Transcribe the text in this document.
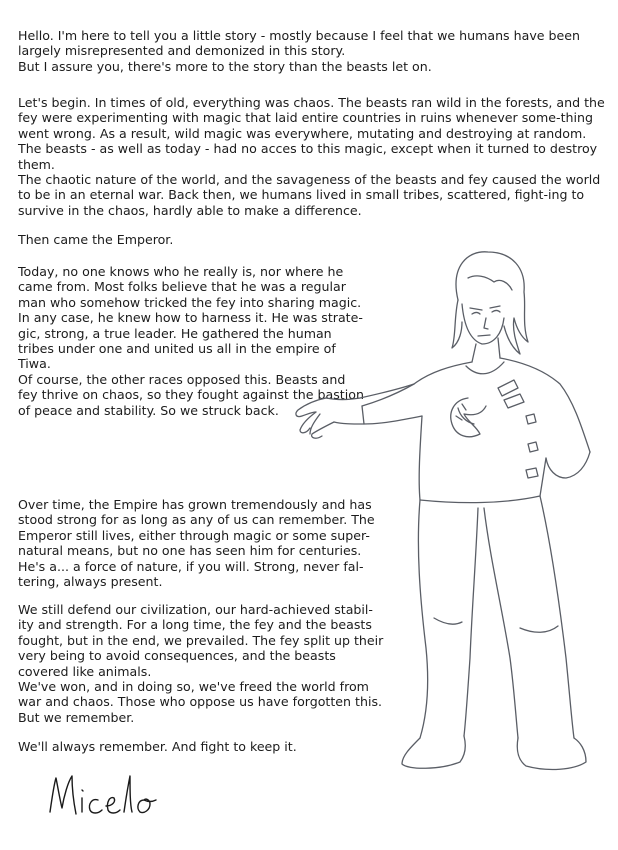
Hello. I'm here to tell you a little story - mostly because I feel that we humans have been largely misrepresented and demonized in this story.
But I assure you, there's more to the story than the beasts let on.

Let's begin. In times of old, everything was chaos. The beasts ran wild in the forests, and the fey were experimenting with magic that laid entire countries in ruins whenever some-thing went wrong. As a result, wild magic was everywhere, mutating and destroying at random. The beasts - as well as today - had no acces to this magic, except when it turned to destroy them.
The chaotic nature of the world, and the savageness of the beasts and fey caused the world to be in an eternal war. Back then, we humans lived in small tribes, scattered, fight-ing to survive in the chaos, hardly able to make a difference.

Then came the Emperor.

Today, no one knows who he really is, nor where he came from. Most folks believe that he was a regular man who somehow tricked the fey into sharing magic. In any case, he knew how to harness it. He was strate-gic, strong, a true leader. He gathered the human tribes under one and united us all in the empire of Tiwa.
Of course, the other races opposed this. Beasts and fey thrive on chaos, so they fought against the bastion of peace and stability. So we struck back.

Over time, the Empire has grown tremendously and has stood strong for as long as any of us can remember. The Emperor still lives, either through magic or some super-natural means, but no one has seen him for centuries. He's a... a force of nature, if you will. Strong, never fal-tering, always present.

We still defend our civilization, our hard-achieved stabil-ity and strength. For a long time, the fey and the beasts fought, but in the end, we prevailed. The fey split up their very being to avoid consequences, and the beasts covered like animals.
We've won, and in doing so, we've freed the world from war and chaos. Those who oppose us have forgotten this. But we remember.

We'll always remember. And fight to keep it.
